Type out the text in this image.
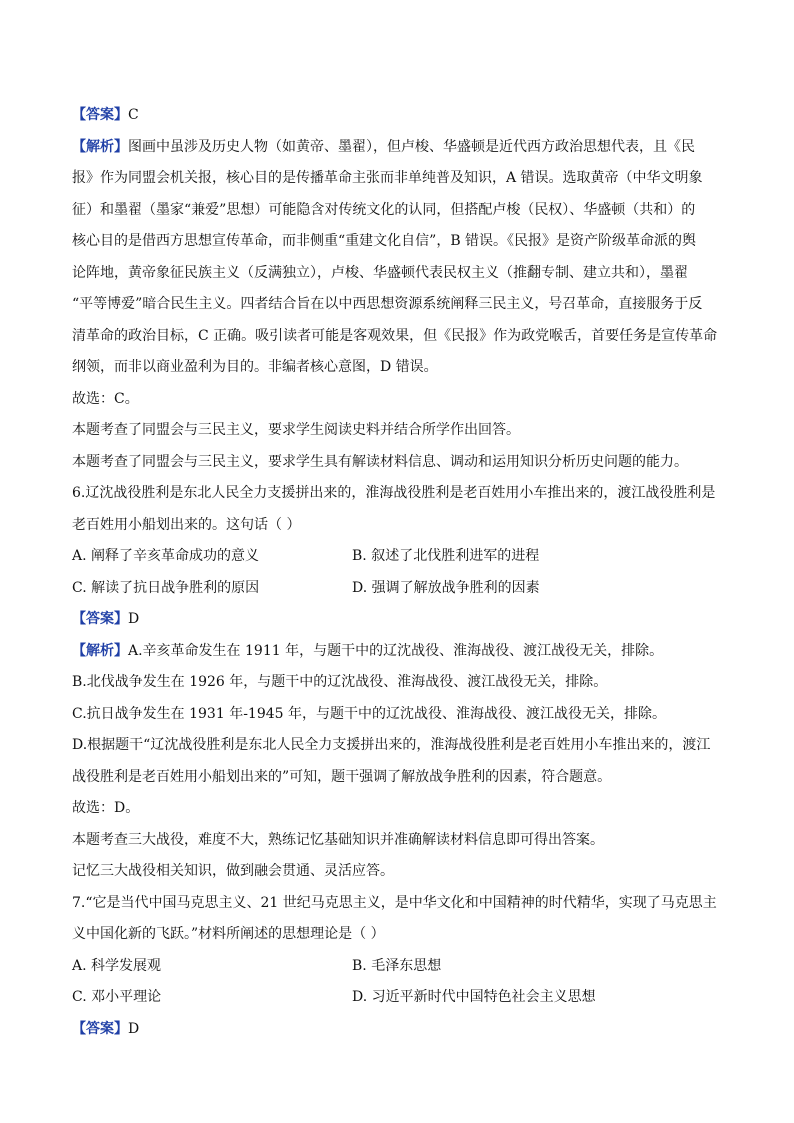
【答案】C
【解析】图画中虽涉及历史人物（如黄帝、墨翟），但卢梭、华盛顿是近代西方政治思想代表，且《民
报》作为同盟会机关报，核心目的是传播革命主张而非单纯普及知识，A 错误。选取黄帝（中华文明象
征）和墨翟（墨家“兼爱”思想）可能隐含对传统文化的认同，但搭配卢梭（民权）、华盛顿（共和）的
核心目的是借西方思想宣传革命，而非侧重“重建文化自信”，B 错误。《民报》是资产阶级革命派的舆
论阵地，黄帝象征民族主义（反满独立），卢梭、华盛顿代表民权主义（推翻专制、建立共和），墨翟
“平等博爱”暗合民生主义。四者结合旨在以中西思想资源系统阐释三民主义，号召革命，直接服务于反
清革命的政治目标，C 正确。吸引读者可能是客观效果，但《民报》作为政党喉舌，首要任务是宣传革命
纲领，而非以商业盈利为目的。非编者核心意图，D 错误。
故选：C。
本题考查了同盟会与三民主义，要求学生阅读史料并结合所学作出回答。
本题考查了同盟会与三民主义，要求学生具有解读材料信息、调动和运用知识分析历史问题的能力。
6.辽沈战役胜利是东北人民全力支援拼出来的，淮海战役胜利是老百姓用小车推出来的，渡江战役胜利是
老百姓用小船划出来的。这句话（ ）
A. 阐释了辛亥革命成功的意义	B. 叙述了北伐胜利进军的进程
C. 解读了抗日战争胜利的原因	D. 强调了解放战争胜利的因素
【答案】D
【解析】A.辛亥革命发生在 1911 年，与题干中的辽沈战役、淮海战役、渡江战役无关，排除。
B.北伐战争发生在 1926 年，与题干中的辽沈战役、淮海战役、渡江战役无关，排除。
C.抗日战争发生在 1931 年-1945 年，与题干中的辽沈战役、淮海战役、渡江战役无关，排除。
D.根据题干“辽沈战役胜利是东北人民全力支援拼出来的，淮海战役胜利是老百姓用小车推出来的，渡江
战役胜利是老百姓用小船划出来的”可知，题干强调了解放战争胜利的因素，符合题意。
故选：D。
本题考查三大战役，难度不大，熟练记忆基础知识并准确解读材料信息即可得出答案。
记忆三大战役相关知识，做到融会贯通、灵活应答。
7.“它是当代中国马克思主义、21 世纪马克思主义，是中华文化和中国精神的时代精华，实现了马克思主
义中国化新的飞跃。”材料所阐述的思想理论是（ ）
A. 科学发展观	B. 毛泽东思想
C. 邓小平理论	D. 习近平新时代中国特色社会主义思想
【答案】D
